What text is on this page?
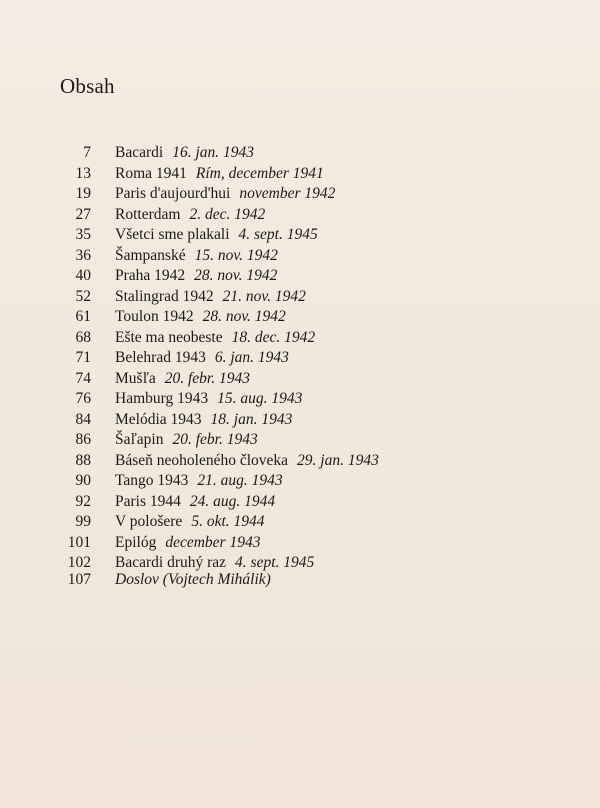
Obsah
7 Bacardi 16. jan. 1943
13 Roma 1941 Rím, december 1941
19 Paris d'aujourd'hui november 1942
27 Rotterdam 2. dec. 1942
35 Všetci sme plakali 4. sept. 1945
36 Šampanské 15. nov. 1942
40 Praha 1942 28. nov. 1942
52 Stalingrad 1942 21. nov. 1942
61 Toulon 1942 28. nov. 1942
68 Ešte ma neobeste 18. dec. 1942
71 Belehrad 1943 6. jan. 1943
74 Mušľa 20. febr. 1943
76 Hamburg 1943 15. aug. 1943
84 Melódia 1943 18. jan. 1943
86 Šaľapin 20. febr. 1943
88 Báseň neoholeného človeka 29. jan. 1943
90 Tango 1943 21. aug. 1943
92 Paris 1944 24. aug. 1944
99 V pološere 5. okt. 1944
101 Epilóg december 1943
102 Bacardi druhý raz 4. sept. 1945
107 Doslov (Vojtech Mihálik)
